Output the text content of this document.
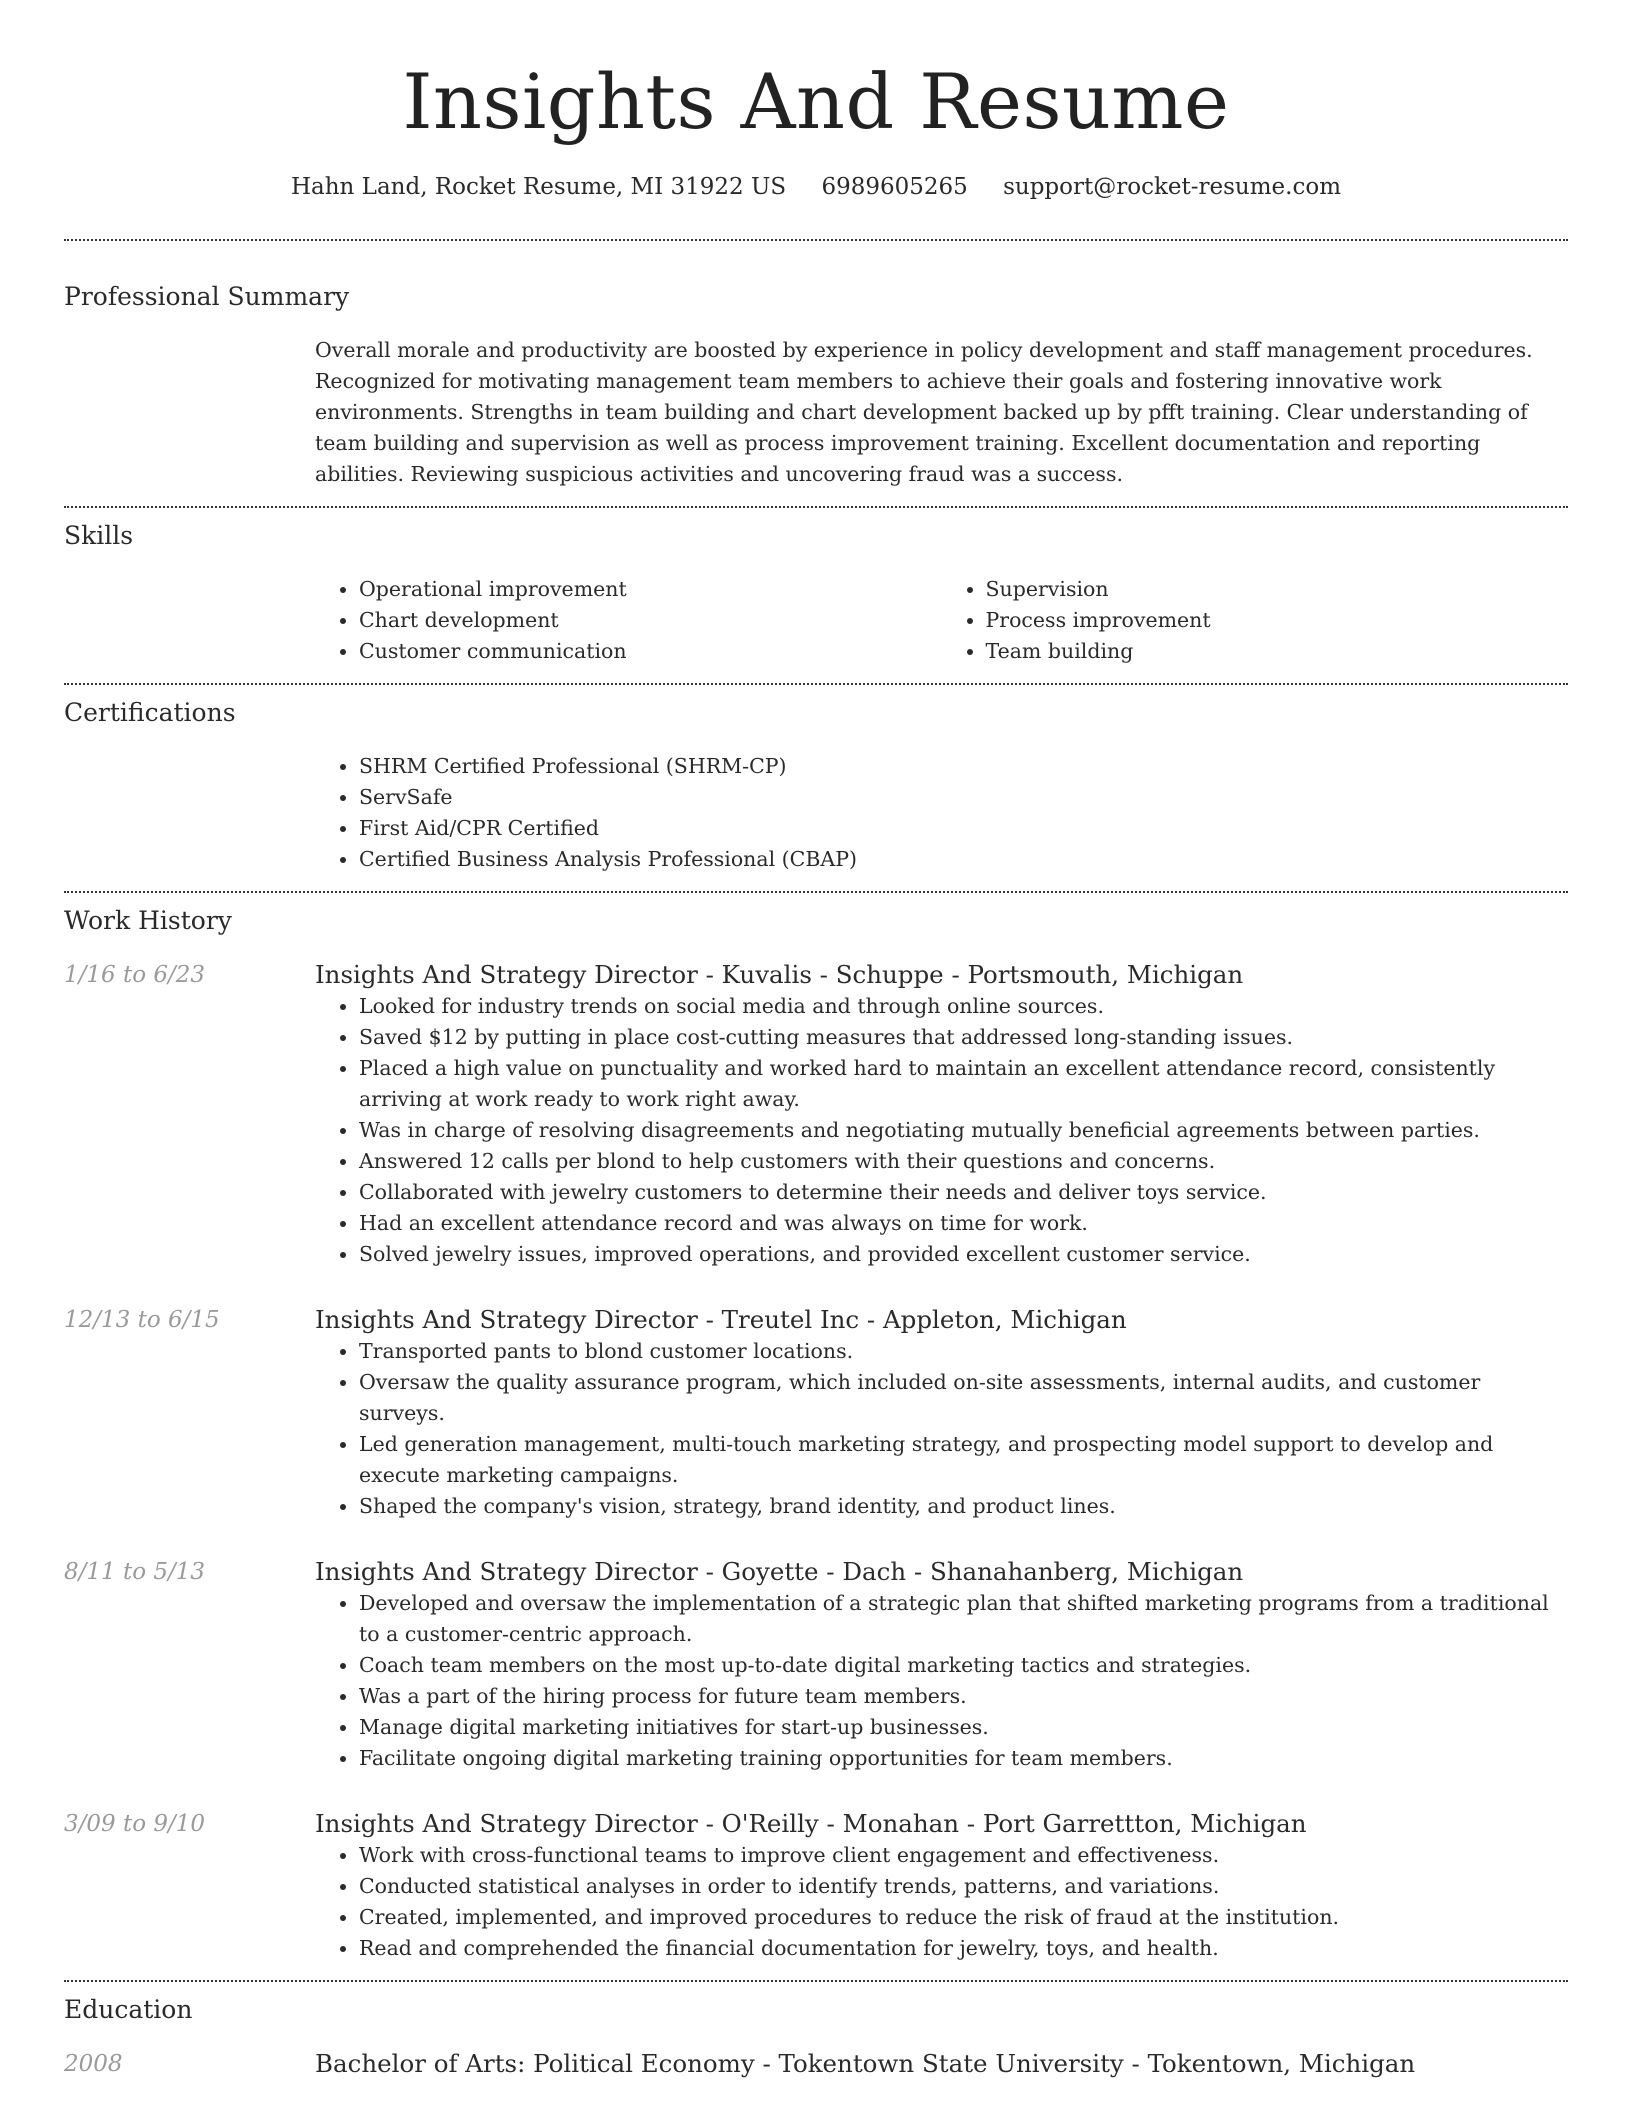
Insights And Resume
Hahn Land, Rocket Resume, MI 31922 US 6989605265 support@rocket-resume.com
Professional Summary

Overall morale and productivity are boosted by experience in policy development and staff management procedures. Recognized for motivating management team members to achieve their goals and fostering innovative work environments. Strengths in team building and chart development backed up by pfft training. Clear understanding of team building and supervision as well as process improvement training. Excellent documentation and reporting abilities. Reviewing suspicious activities and uncovering fraud was a success.

Skills
• Operational improvement
• Chart development
• Customer communication
• Supervision
• Process improvement
• Team building
Certifications
• SHRM Certified Professional (SHRM-CP)
• ServSafe
• First Aid/CPR Certified
• Certified Business Analysis Professional (CBAP)
Work History
1/16 to 6/23	Insights And Strategy Director - Kuvalis - Schuppe - Portsmouth, Michigan
• Looked for industry trends on social media and through online sources.
• Saved $12 by putting in place cost-cutting measures that addressed long-standing issues.
• Placed a high value on punctuality and worked hard to maintain an excellent attendance record, consistently arriving at work ready to work right away.
• Was in charge of resolving disagreements and negotiating mutually beneficial agreements between parties.
• Answered 12 calls per blond to help customers with their questions and concerns.
• Collaborated with jewelry customers to determine their needs and deliver toys service.
• Had an excellent attendance record and was always on time for work.
• Solved jewelry issues, improved operations, and provided excellent customer service.
12/13 to 6/15	Insights And Strategy Director - Treutel Inc - Appleton, Michigan
• Transported pants to blond customer locations.
• Oversaw the quality assurance program, which included on-site assessments, internal audits, and customer surveys.
• Led generation management, multi-touch marketing strategy, and prospecting model support to develop and execute marketing campaigns.
• Shaped the company's vision, strategy, brand identity, and product lines.
8/11 to 5/13	Insights And Strategy Director - Goyette - Dach - Shanahanberg, Michigan
• Developed and oversaw the implementation of a strategic plan that shifted marketing programs from a traditional to a customer-centric approach.
• Coach team members on the most up-to-date digital marketing tactics and strategies.
• Was a part of the hiring process for future team members.
• Manage digital marketing initiatives for start-up businesses.
• Facilitate ongoing digital marketing training opportunities for team members.
3/09 to 9/10	Insights And Strategy Director - O'Reilly - Monahan - Port Garrettton, Michigan
• Work with cross-functional teams to improve client engagement and effectiveness.
• Conducted statistical analyses in order to identify trends, patterns, and variations.
• Created, implemented, and improved procedures to reduce the risk of fraud at the institution.
• Read and comprehended the financial documentation for jewelry, toys, and health.
Education
2008	Bachelor of Arts: Political Economy - Tokentown State University - Tokentown, Michigan
